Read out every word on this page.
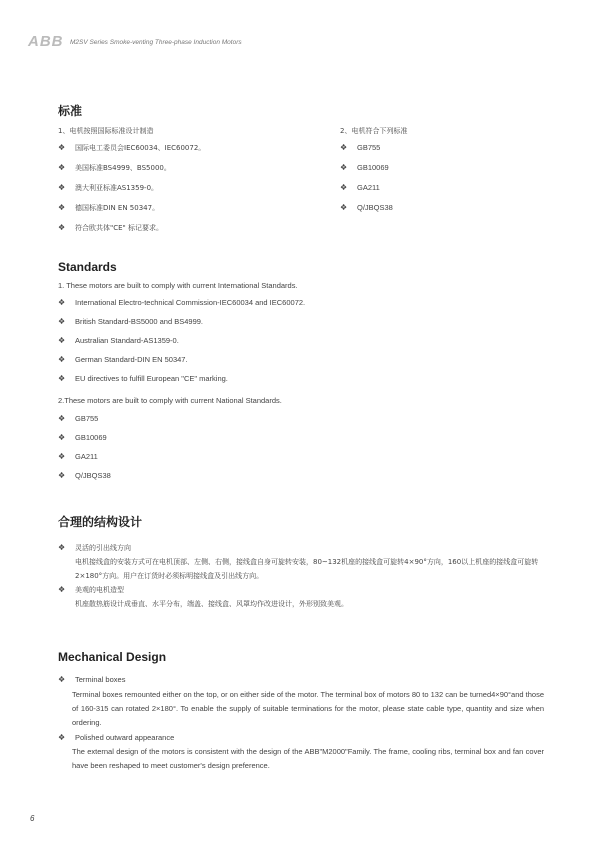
ABB M2SV Series Smoke-venting Three-phase Induction Motors
标准
1、电机按照国际标准设计制造	2、电机符合下列标准
❖ 国际电工委员会IEC60034、IEC60072。
❖ 美国标准BS4999、BS5000。
❖ 澳大利亚标准AS1359-0。
❖ 德国标准DIN EN 50347。
❖ 符合欧共体"CE" 标记要求。
❖ GB755
❖ GB10069
❖ GA211
❖ Q/JBQS38
Standards
1. These motors are built to comply with current International Standards.
❖ International Electro-technical Commission-IEC60034 and IEC60072.
❖ British Standard-BS5000 and BS4999.
❖ Australian Standard-AS1359-0.
❖ German Standard-DIN EN 50347.
❖ EU directives to fulfill European "CE" marking.
2.These motors are built to comply with current National Standards.
❖ GB755
❖ GB10069
❖ GA211
❖ Q/JBQS38
合理的结构设计
❖ 灵活的引出线方向
电机接线盒的安装方式可在电机顶部、左侧、右侧，接线盒自身可旋转安装，80~132机座的接线盒可旋转4×90°方向，160以上机座的接线盒可旋转2×180°方向。用户在订货时必须标明接线盒及引出线方向。
❖ 美观的电机造型
机座散热筋设计成垂直、水平分布，端盖、接线盒、风罩均作改进设计，外形别致美观。
Mechanical Design
❖ Terminal boxes
Terminal boxes remounted either on the top, or on either side of the motor. The terminal box of motors 80 to 132 can be turned4×90°and those of 160-315 can rotated 2×180°. To enable the supply of suitable terminations for the motor, please state cable type, quantity and size when ordering.
❖ Polished outward appearance
The external design of the motors is consistent with the design of the ABB"M2000"Family. The frame, cooling ribs, terminal box and fan cover have been reshaped to meet customer's design preference.
6
